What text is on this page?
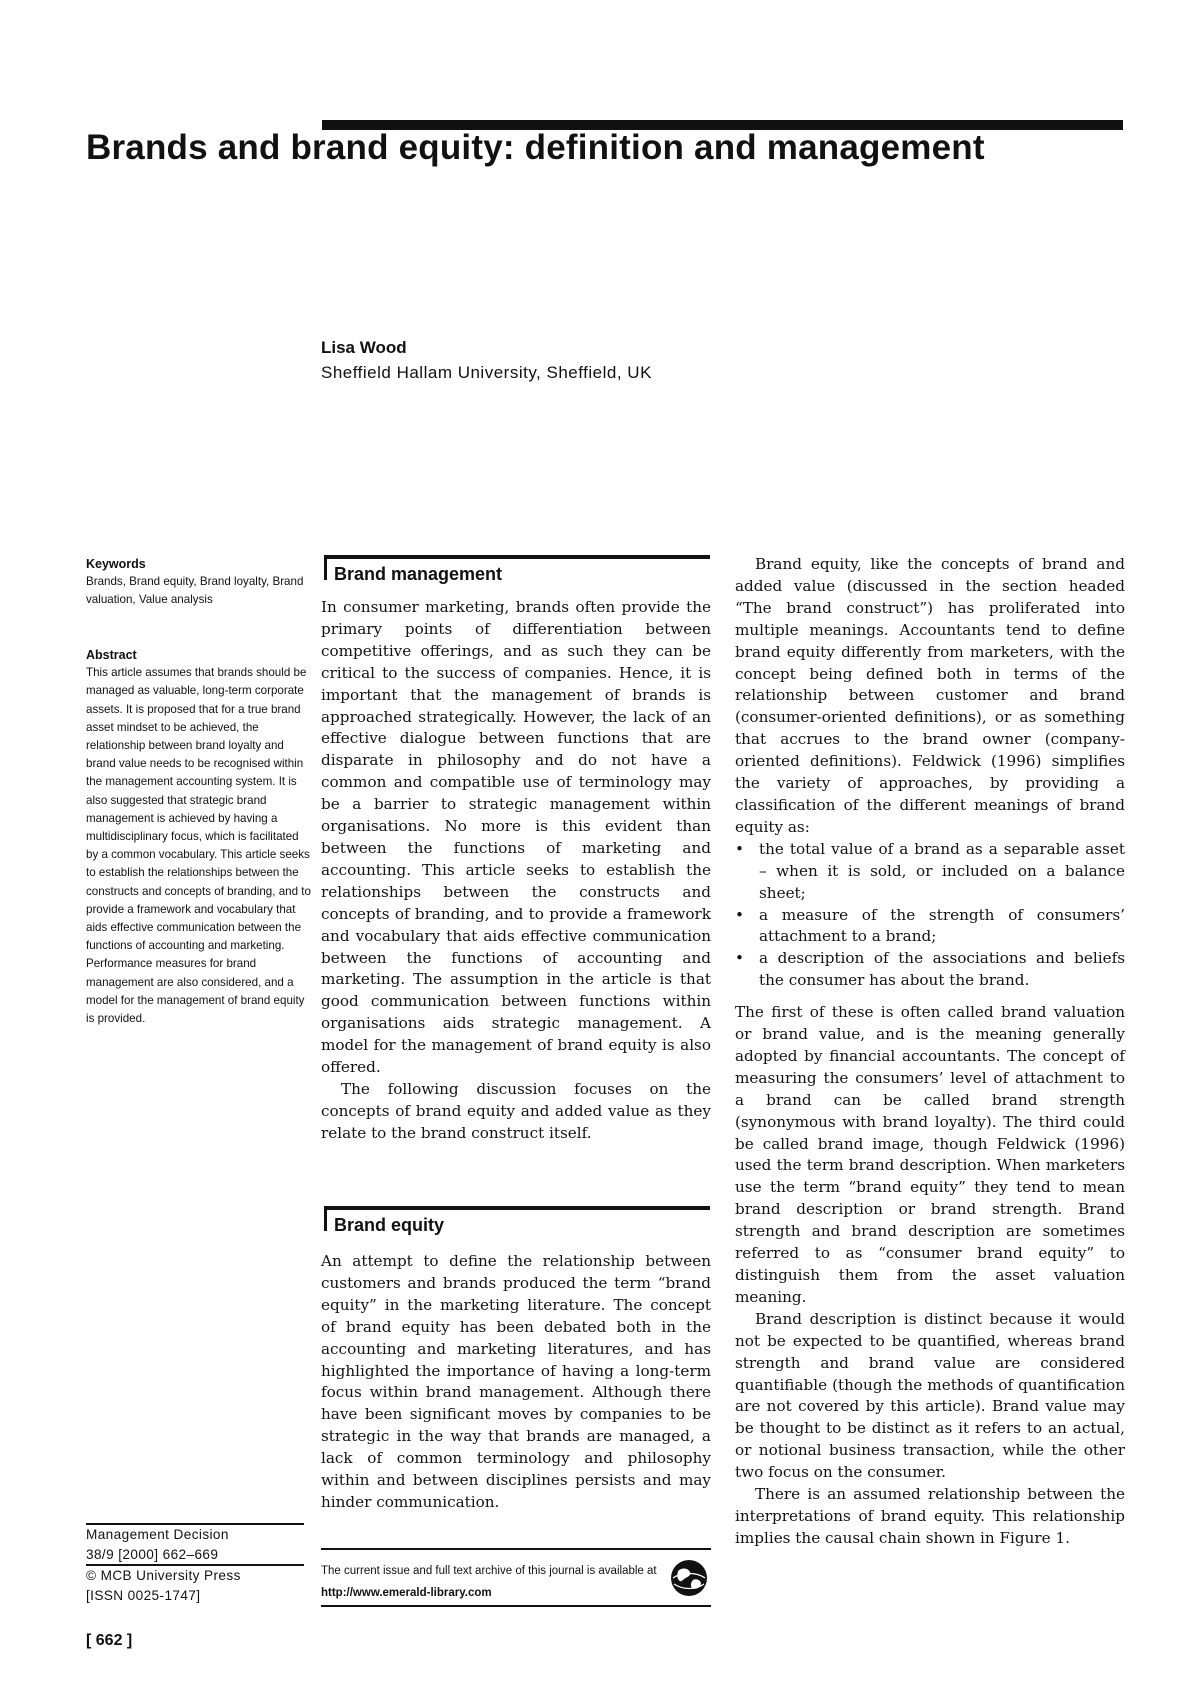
Brands and brand equity: definition and management
Lisa Wood
Sheffield Hallam University, Sheffield, UK
Keywords
Brands, Brand equity, Brand loyalty, Brand valuation, Value analysis
Abstract
This article assumes that brands should be managed as valuable, long-term corporate assets. It is proposed that for a true brand asset mindset to be achieved, the relationship between brand loyalty and brand value needs to be recognised within the management accounting system. It is also suggested that strategic brand management is achieved by having a multidisciplinary focus, which is facilitated by a common vocabulary. This article seeks to establish the relationships between the constructs and concepts of branding, and to provide a framework and vocabulary that aids effective communication between the functions of accounting and marketing. Performance measures for brand management are also considered, and a model for the management of brand equity is provided.
Brand management

In consumer marketing, brands often provide the primary points of differentiation between competitive offerings, and as such they can be critical to the success of companies. Hence, it is important that the management of brands is approached strategically. However, the lack of an effective dialogue between functions that are disparate in philosophy and do not have a common and compatible use of terminology may be a barrier to strategic management within organisations. No more is this evident than between the functions of marketing and accounting. This article seeks to establish the relationships between the constructs and concepts of branding, and to provide a framework and vocabulary that aids effective communication between the functions of accounting and marketing. The assumption in the article is that good communication between functions within organisations aids strategic management. A model for the management of brand equity is also offered.

The following discussion focuses on the concepts of brand equity and added value as they relate to the brand construct itself.

Brand equity

An attempt to define the relationship between customers and brands produced the term “brand equity” in the marketing literature. The concept of brand equity has been debated both in the accounting and marketing literatures, and has highlighted the importance of having a long-term focus within brand management. Although there have been significant moves by companies to be strategic in the way that brands are managed, a lack of common terminology and philosophy within and between disciplines persists and may hinder communication.

Brand equity, like the concepts of brand and added value (discussed in the section headed “The brand construct”) has proliferated into multiple meanings. Accountants tend to define brand equity differently from marketers, with the concept being defined both in terms of the relationship between customer and brand (consumer-oriented definitions), or as something that accrues to the brand owner (company-oriented definitions). Feldwick (1996) simplifies the variety of approaches, by providing a classification of the different meanings of brand equity as:

• the total value of a brand as a separable asset – when it is sold, or included on a balance sheet;
• a measure of the strength of consumers’ attachment to a brand;
• a description of the associations and beliefs the consumer has about the brand.

The first of these is often called brand valuation or brand value, and is the meaning generally adopted by financial accountants. The concept of measuring the consumers’ level of attachment to a brand can be called brand strength (synonymous with brand loyalty). The third could be called brand image, though Feldwick (1996) used the term brand description. When marketers use the term “brand equity” they tend to mean brand description or brand strength. Brand strength and brand description are sometimes referred to as “consumer brand equity” to distinguish them from the asset valuation meaning.

Brand description is distinct because it would not be expected to be quantified, whereas brand strength and brand value are considered quantifiable (though the methods of quantification are not covered by this article). Brand value may be thought to be distinct as it refers to an actual, or notional business transaction, while the other two focus on the consumer.

There is an assumed relationship between the interpretations of brand equity. This relationship implies the causal chain shown in Figure 1.

Management Decision
38/9 [2000] 662–669
© MCB University Press
[ISSN 0025-1747]
The current issue and full text archive of this journal is available at
http://www.emerald-library.com
[ 662 ]
